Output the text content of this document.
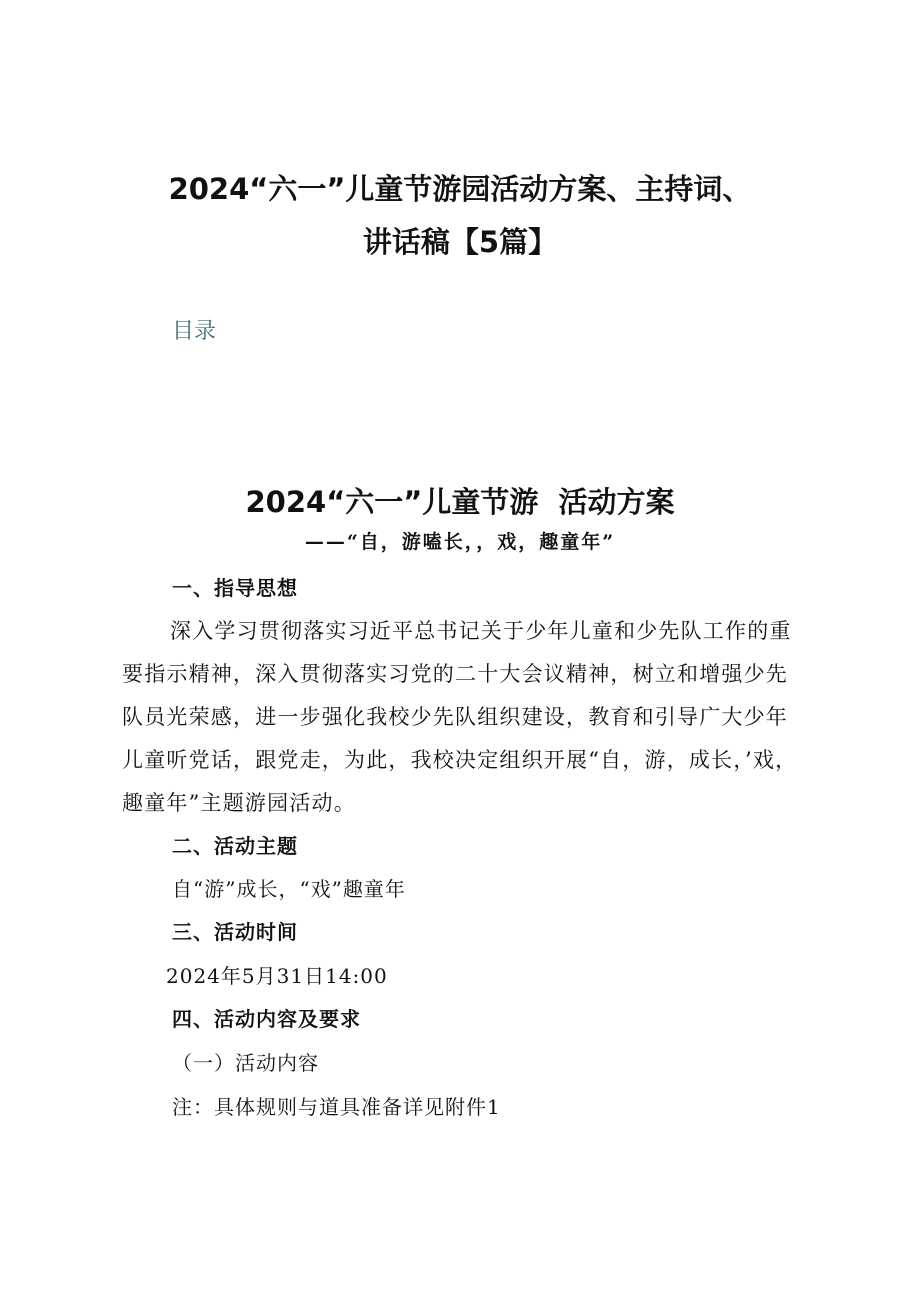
2024“六一”儿童节游园活动方案、主持词、
讲话稿【5篇】

目录

2024“六一”儿童节游  活动方案

——“自，游嗑长，，戏，趣童年”

一、指导思想

深入学习贯彻落实习近平总书记关于少年儿童和少先队工作的重要指示精神，深入贯彻落实习党的二十大会议精神，树立和增强少先队员光荣感，进一步强化我校少先队组织建设，教育和引导广大少年儿童听党话，跟党走，为此，我校决定组织开展“自，游，成长，’戏，趣童年”主题游园活动。

二、活动主题

自“游”成长，“戏”趣童年

三、活动时间

2024年5月31日14:00

四、活动内容及要求

（一）活动内容

注：具体规则与道具准备详见附件1
